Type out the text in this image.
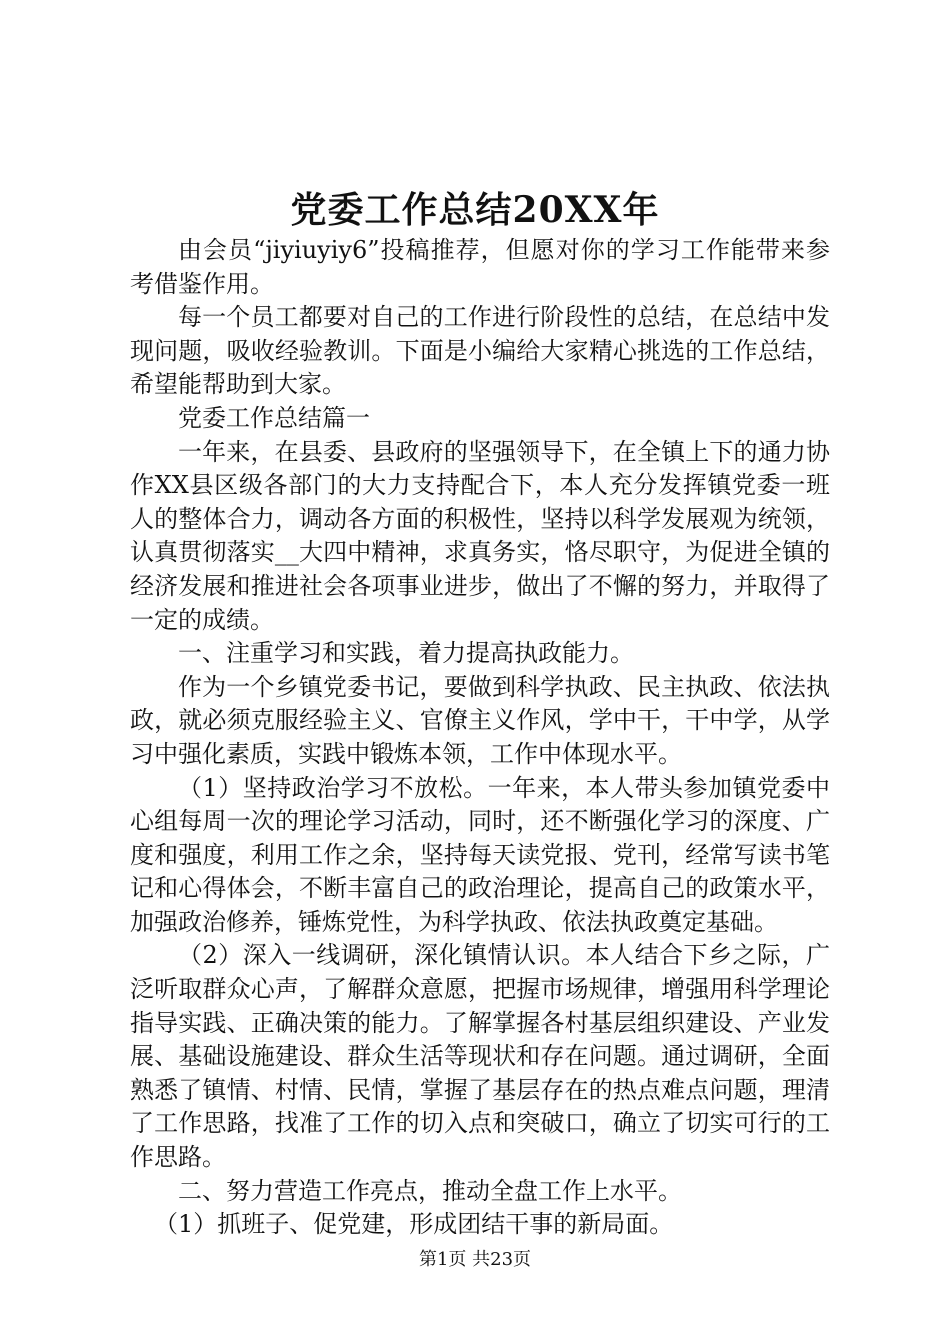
党委工作总结20XX年

由会员“jiyiuyiy6”投稿推荐，但愿对你的学习工作能带来参考借鉴作用。

每一个员工都要对自己的工作进行阶段性的总结，在总结中发现问题，吸收经验教训。下面是小编给大家精心挑选的工作总结，希望能帮助到大家。

党委工作总结篇一

一年来，在县委、县政府的坚强领导下，在全镇上下的通力协作XX县区级各部门的大力支持配合下，本人充分发挥镇党委一班人的整体合力，调动各方面的积极性，坚持以科学发展观为统领，认真贯彻落实__大四中精神，求真务实，恪尽职守，为促进全镇的经济发展和推进社会各项事业进步，做出了不懈的努力，并取得了一定的成绩。

一、注重学习和实践，着力提高执政能力。

作为一个乡镇党委书记，要做到科学执政、民主执政、依法执政，就必须克服经验主义、官僚主义作风，学中干，干中学，从学习中强化素质，实践中锻炼本领，工作中体现水平。

（1）坚持政治学习不放松。一年来，本人带头参加镇党委中心组每周一次的理论学习活动，同时，还不断强化学习的深度、广度和强度，利用工作之余，坚持每天读党报、党刊，经常写读书笔记和心得体会，不断丰富自己的政治理论，提高自己的政策水平，加强政治修养，锤炼党性，为科学执政、依法执政奠定基础。

（2）深入一线调研，深化镇情认识。本人结合下乡之际，广泛听取群众心声，了解群众意愿，把握市场规律，增强用科学理论指导实践、正确决策的能力。了解掌握各村基层组织建设、产业发展、基础设施建设、群众生活等现状和存在问题。通过调研，全面熟悉了镇情、村情、民情，掌握了基层存在的热点难点问题，理清了工作思路，找准了工作的切入点和突破口，确立了切实可行的工作思路。

二、努力营造工作亮点，推动全盘工作上水平。

（1）抓班子、促党建，形成团结干事的新局面。

第1页 共23页
